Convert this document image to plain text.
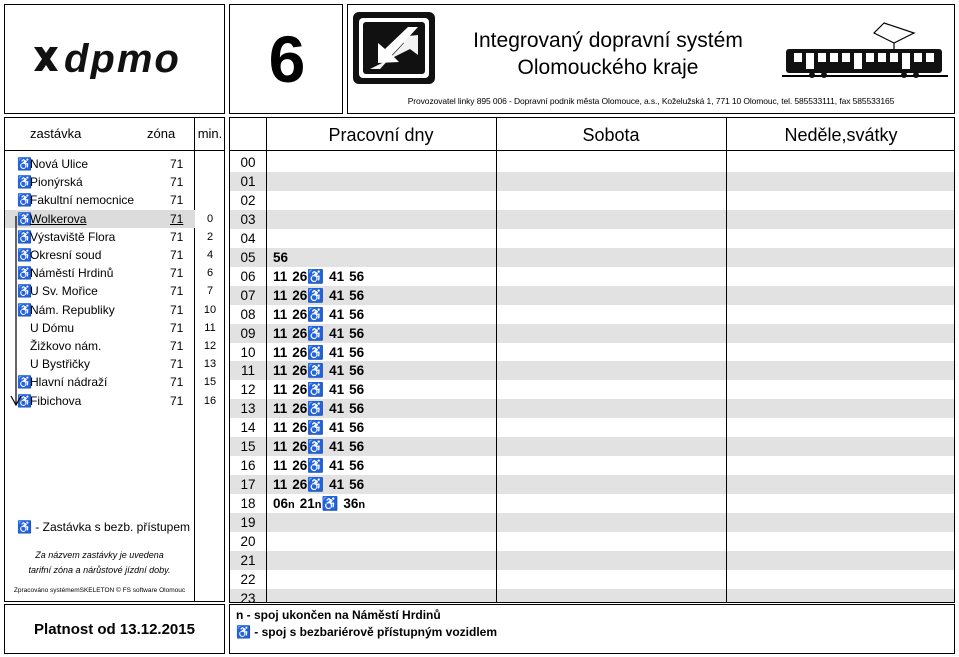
dpmo 6	Integrovaný dopravní systém
Olomouckého kraje
Provozovatel linky 895 006 - Dopravní podnik města Olomouce, a.s., Koželužská 1, 771 10 Olomouc, tel. 585533111, fax 585533165
zastávka	zóna min.
♿
Nová Ulice	71
♿
Pionýrská	71
♿
Fakultní nemocnice	71
♿
Wolkerova	71	0
♿
Výstaviště Flora	71	2
♿
Okresní soud	71	4
♿
Náměstí Hrdinů	71	6
♿
U Sv. Mořice	71	7
♿
Nám. Republiky	71	10
U Dómu	71	11
Žižkovo nám.	71	12
U Bystřičky	71	13
♿
Hlavní nádraží	71	15
♿
Fibichova	71	16
♿ - Zastávka s bezb. přístupem
Za názvem zastávky je uvedena
tarifní zóna a nárůstové jízdní doby.
Zpracováno systémemSKELETON © FS software Olomouc
Platnost od 13.12.2015
00
01
02
03
04
05	56
06	11 26♿ 41 56
07	11 26♿ 41 56
08	11 26♿ 41 56
09	11 26♿ 41 56
10	11 26♿ 41 56
11	11 26♿ 41 56
12	11 26♿ 41 56
13	11 26♿ 41 56
14	11 26♿ 41 56
15	11 26♿ 41 56
16	11 26♿ 41 56
17	11 26♿ 41 56
18	06n 21n♿ 36n
19
20
21
22
23
Pracovní dny	Sobota	Neděle,svátky
n - spoj ukončen na Náměstí Hrdinů
♿ - spoj s bezbariérově přístupným vozidlem
